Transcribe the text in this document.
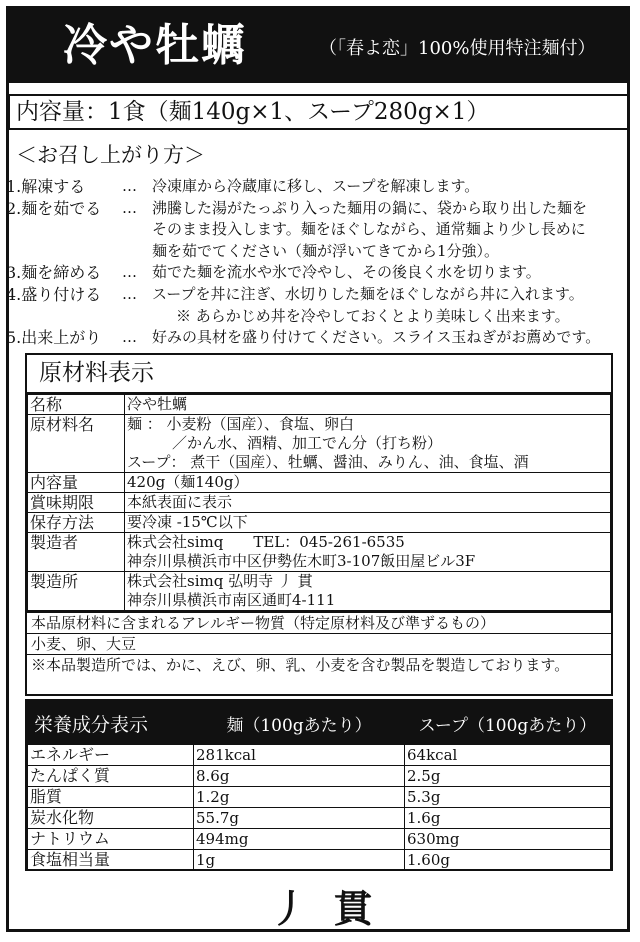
冷や牡蠣	（「春よ恋」100%使用特注麺付）
内容量：1食（麺140g×1、スープ280g×1）
＜お召し上がり方＞
1.解凍する	…	冷凍庫から冷蔵庫に移し、スープを解凍します。
2.麺を茹でる	…	沸騰した湯がたっぷり入った麺用の鍋に、袋から取り出した麺を
そのまま投入します。麺をほぐしながら、通常麺より少し長めに
麺を茹でてください（麺が浮いてきてから1分強）。
3.麺を締める	…	茹でた麺を流水や氷で冷やし、その後良く水を切ります。
4.盛り付ける	…	スープを丼に注ぎ、水切りした麺をほぐしながら丼に入れます。
※ あらかじめ丼を冷やしておくとより美味しく出来ます。
5.出来上がり	…	好みの具材を盛り付けてください。スライス玉ねぎがお薦めです。
原材料表示
名称	冷や牡蠣

原材料名	麺 ： 小麦粉（国産）、食塩、卵白
　　　／かん水、酒精、加工でん分（打ち粉）
スープ： 煮干（国産）、牡蠣、醤油、みりん、油、食塩、酒

内容量	420g（麺140g）

賞味期限	本紙表面に表示

保存方法	要冷凍 -15℃以下

製造者	株式会社simq　　TEL：045-261-6535
神奈川県横浜市中区伊勢佐木町3-107飯田屋ビル3F

製造所	株式会社simq 弘明寺 丿 貫
神奈川県横浜市南区通町4-111
本品原材料に含まれるアレルギー物質（特定原材料及び準ずるもの）
小麦、卵、大豆
※本品製造所では、かに、えび、卵、乳、小麦を含む製品を製造しております。
栄養成分表示	麺（100gあたり）	スープ（100gあたり）
エネルギー	281kcal	64kcal
たんぱく質	8.6g	2.5g
脂質	1.2g	5.3g
炭水化物	55.7g	1.6g
ナトリウム	494mg	630mg
食塩相当量	1g	1.60g
丿貫
